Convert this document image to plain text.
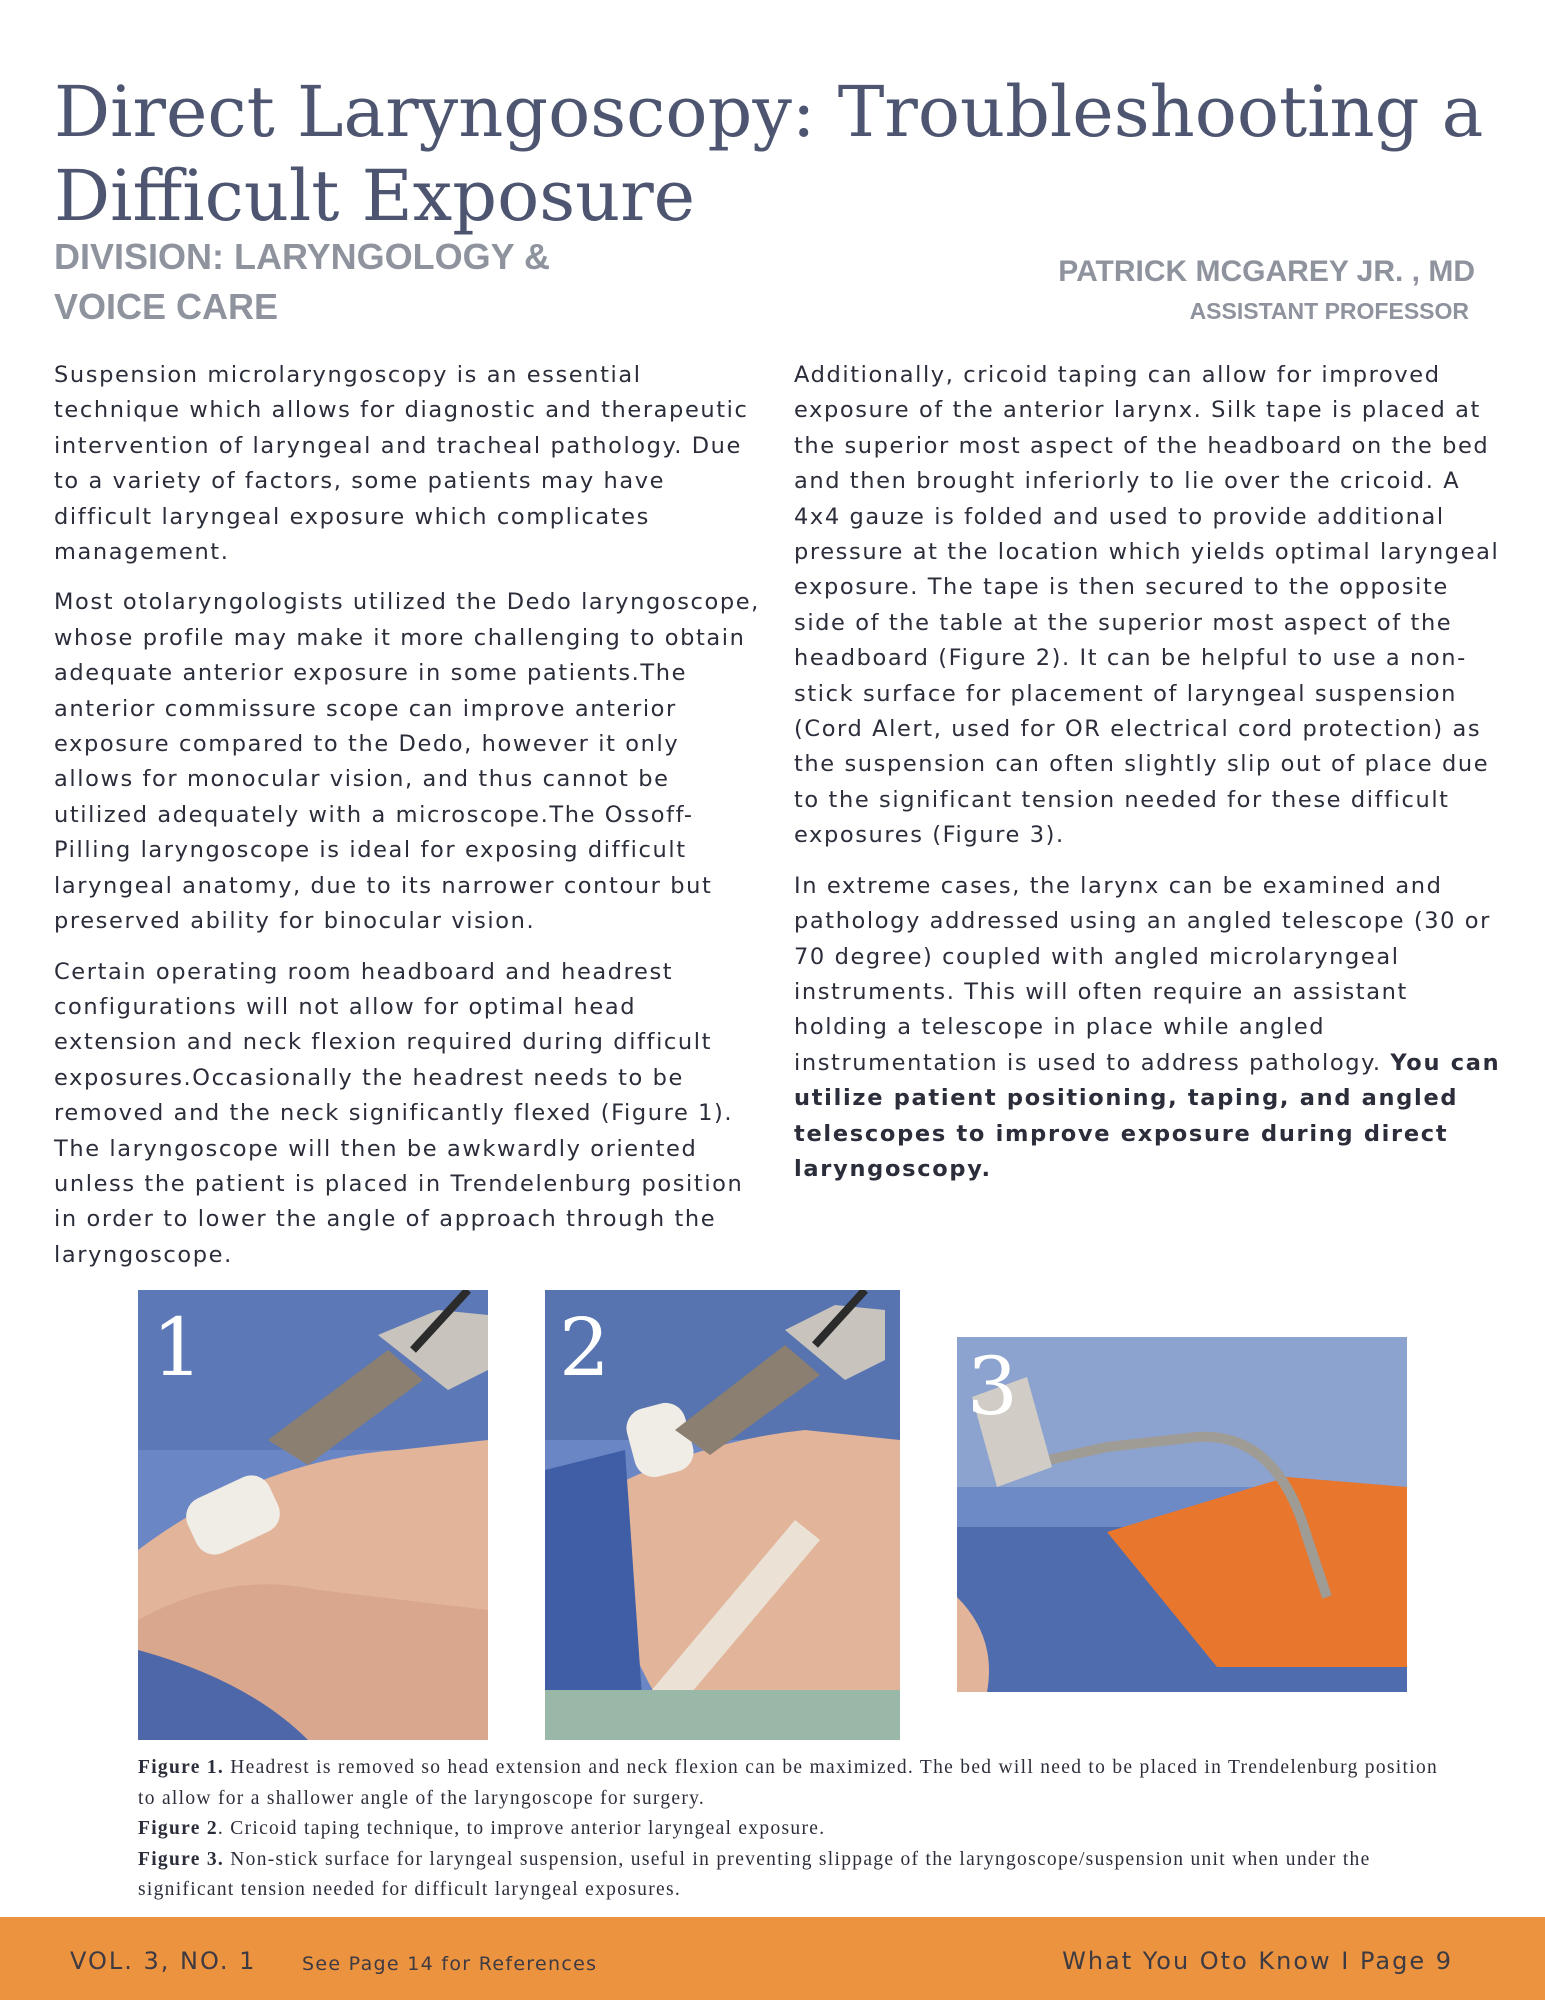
Direct Laryngoscopy: Troubleshooting a Difficult Exposure
DIVISION: LARYNGOLOGY & VOICE CARE
PATRICK MCGAREY JR. , MD
ASSISTANT PROFESSOR

Suspension microlaryngoscopy is an essential technique which allows for diagnostic and therapeutic intervention of laryngeal and tracheal pathology. Due to a variety of factors, some patients may have difficult laryngeal exposure which complicates management.

Most otolaryngologists utilized the Dedo laryngoscope, whose profile may make it more challenging to obtain adequate anterior exposure in some patients.The anterior commissure scope can improve anterior exposure compared to the Dedo, however it only allows for monocular vision, and thus cannot be utilized adequately with a microscope.The Ossoff-Pilling laryngoscope is ideal for exposing difficult laryngeal anatomy, due to its narrower contour but preserved ability for binocular vision.

Certain operating room headboard and headrest configurations will not allow for optimal head extension and neck flexion required during difficult exposures.Occasionally the headrest needs to be removed and the neck significantly flexed (Figure 1). The laryngoscope will then be awkwardly oriented unless the patient is placed in Trendelenburg position in order to lower the angle of approach through the laryngoscope.

Additionally, cricoid taping can allow for improved exposure of the anterior larynx. Silk tape is placed at the superior most aspect of the headboard on the bed and then brought inferiorly to lie over the cricoid. A 4x4 gauze is folded and used to provide additional pressure at the location which yields optimal laryngeal exposure. The tape is then secured to the opposite side of the table at the superior most aspect of the headboard (Figure 2). It can be helpful to use a non-stick surface for placement of laryngeal suspension (Cord Alert, used for OR electrical cord protection) as the suspension can often slightly slip out of place due to the significant tension needed for these difficult exposures (Figure 3).

In extreme cases, the larynx can be examined and pathology addressed using an angled telescope (30 or 70 degree) coupled with angled microlaryngeal instruments. This will often require an assistant holding a telescope in place while angled instrumentation is used to address pathology. You can utilize patient positioning, taping, and angled telescopes to improve exposure during direct laryngoscopy.

1	2	3

Figure 1. Headrest is removed so head extension and neck flexion can be maximized. The bed will need to be placed in Trendelenburg position to allow for a shallower angle of the laryngoscope for surgery.

Figure 2. Cricoid taping technique, to improve anterior laryngeal exposure.

Figure 3. Non-stick surface for laryngeal suspension, useful in preventing slippage of the laryngoscope/suspension unit when under the significant tension needed for difficult laryngeal exposures.

VOL. 3, NO. 1 See Page 14 for References	What You Oto Know I Page 9
